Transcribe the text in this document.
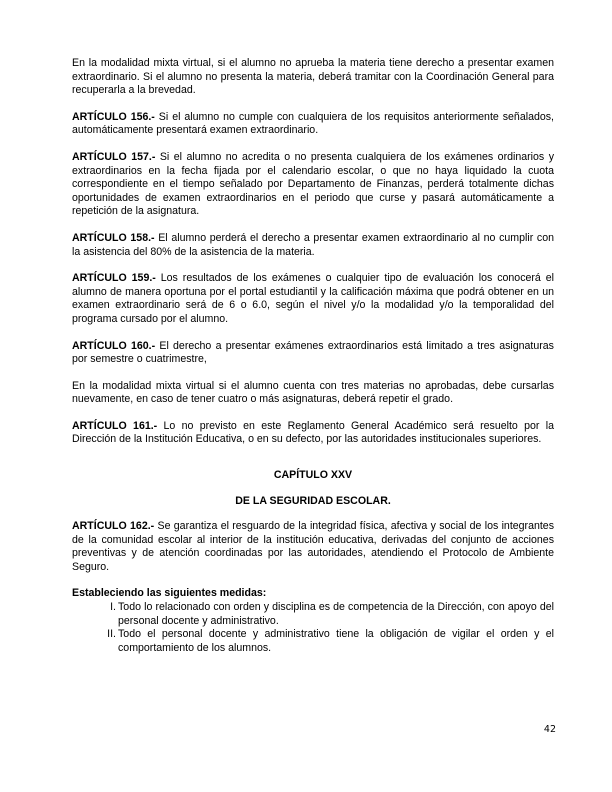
En la modalidad mixta virtual, si el alumno no aprueba la materia tiene derecho a presentar examen extraordinario. Si el alumno no presenta la materia, deberá tramitar con la Coordinación General para recuperarla a la brevedad.

ARTÍCULO 156.- Si el alumno no cumple con cualquiera de los requisitos anteriormente señalados, automáticamente presentará examen extraordinario.

ARTÍCULO 157.- Si el alumno no acredita o no presenta cualquiera de los exámenes ordinarios y extraordinarios en la fecha fijada por el calendario escolar, o que no haya liquidado la cuota correspondiente en el tiempo señalado por Departamento de Finanzas, perderá totalmente dichas oportunidades de examen extraordinarios en el periodo que curse y pasará automáticamente a repetición de la asignatura.

ARTÍCULO 158.- El alumno perderá el derecho a presentar examen extraordinario al no cumplir con la asistencia del 80% de la asistencia de la materia.

ARTÍCULO 159.- Los resultados de los exámenes o cualquier tipo de evaluación los conocerá el alumno de manera oportuna por el portal estudiantil y la calificación máxima que podrá obtener en un examen extraordinario será de 6 o 6.0, según el nivel y/o la modalidad y/o la temporalidad del programa cursado por el alumno.

ARTÍCULO 160.- El derecho a presentar exámenes extraordinarios está limitado a tres asignaturas por semestre o cuatrimestre,

En la modalidad mixta virtual si el alumno cuenta con tres materias no aprobadas, debe cursarlas nuevamente, en caso de tener cuatro o más asignaturas, deberá repetir el grado.

ARTÍCULO 161.- Lo no previsto en este Reglamento General Académico será resuelto por la Dirección de la Institución Educativa, o en su defecto, por las autoridades institucionales superiores.

CAPÍTULO XXV
DE LA SEGURIDAD ESCOLAR.

ARTÍCULO 162.- Se garantiza el resguardo de la integridad física, afectiva y social de los integrantes de la comunidad escolar al interior de la institución educativa, derivadas del conjunto de acciones preventivas y de atención coordinadas por las autoridades, atendiendo el Protocolo de Ambiente Seguro.

Estableciendo las siguientes medidas:
I. Todo lo relacionado con orden y disciplina es de competencia de la Dirección, con apoyo del personal docente y administrativo.
II. Todo el personal docente y administrativo tiene la obligación de vigilar el orden y el comportamiento de los alumnos.
42
